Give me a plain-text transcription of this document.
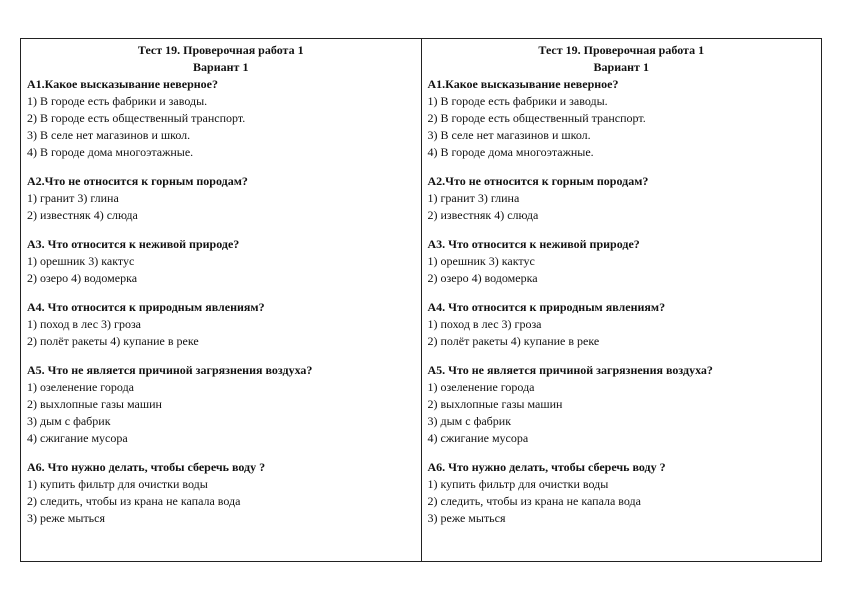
Тест 19. Проверочная работа 1
Вариант 1
А1.Какое высказывание неверное?
1) В городе есть фабрики и заводы.
2) В городе есть общественный транспорт.
3) В селе нет магазинов и школ.
4) В городе дома многоэтажные.
А2.Что не относится к горным породам?
1) гранит 3) глина
2) известняк 4) слюда
А3. Что относится к неживой природе?
1) орешник 3) кактус
2) озеро 4) водомерка
А4. Что относится к природным явлениям?
1) поход в лес 3) гроза
2) полёт ракеты 4) купание в реке
А5. Что не является причиной загрязнения воздуха?
1) озеленение города
2) выхлопные газы машин
3) дым с фабрик
4) сжигание мусора
А6. Что нужно делать, чтобы сберечь воду ?
1) купить фильтр для очистки воды
2) следить, чтобы из крана не капала вода
3) реже мыться
Тест 19. Проверочная работа 1
Вариант 1
А1.Какое высказывание неверное?
1) В городе есть фабрики и заводы.
2) В городе есть общественный транспорт.
3) В селе нет магазинов и школ.
4) В городе дома многоэтажные.
А2.Что не относится к горным породам?
1) гранит 3) глина
2) известняк 4) слюда
А3. Что относится к неживой природе?
1) орешник 3) кактус
2) озеро 4) водомерка
А4. Что относится к природным явлениям?
1) поход в лес 3) гроза
2) полёт ракеты 4) купание в реке
А5. Что не является причиной загрязнения воздуха?
1) озеленение города
2) выхлопные газы машин
3) дым с фабрик
4) сжигание мусора
А6. Что нужно делать, чтобы сберечь воду ?
1) купить фильтр для очистки воды
2) следить, чтобы из крана не капала вода
3) реже мыться
